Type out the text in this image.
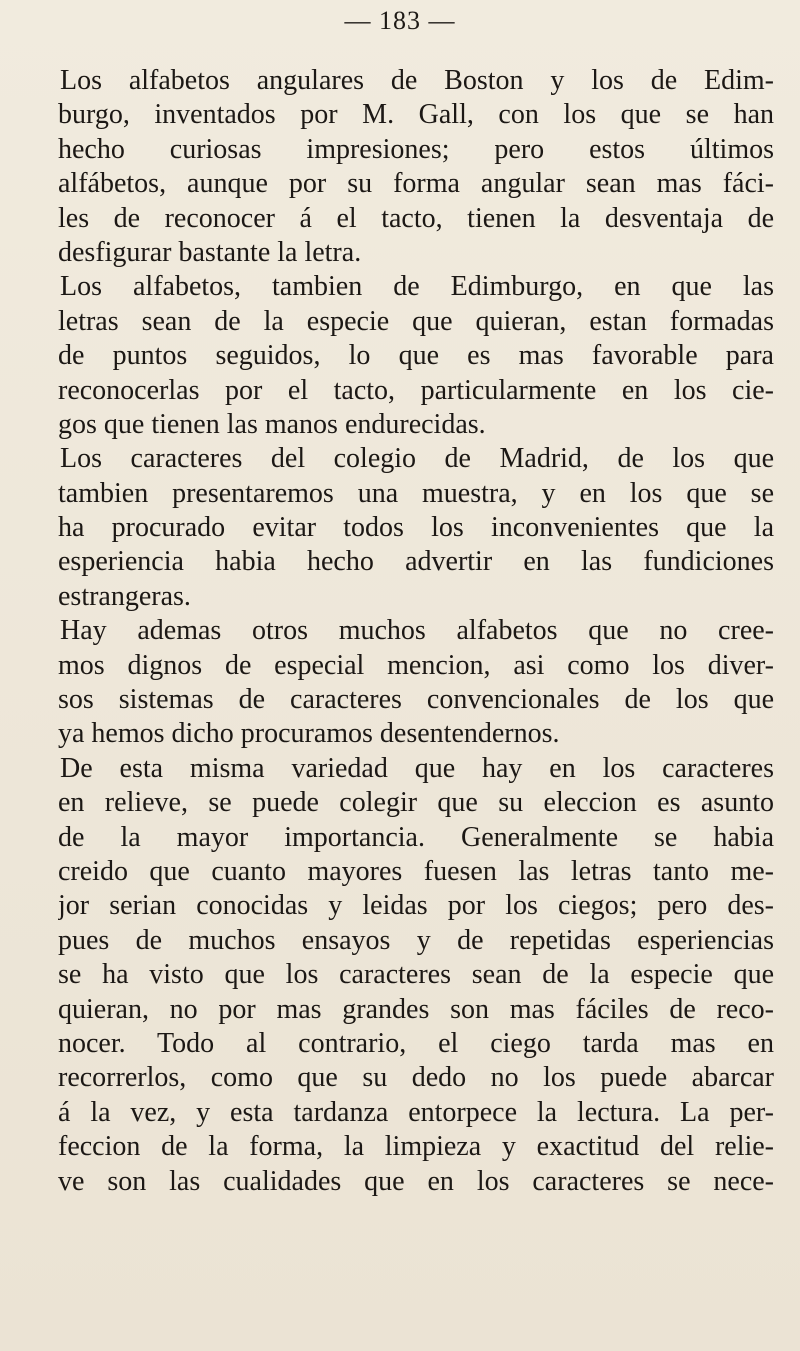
— 183 —
Los alfabetos angulares de Boston y los de Edim-
burgo, inventados por M. Gall, con los que se han
hecho curiosas impresiones; pero estos últimos
alfábetos, aunque por su forma angular sean mas fáci-
les de reconocer á el tacto, tienen la desventaja de
desfigurar bastante la letra.
Los alfabetos, tambien de Edimburgo, en que las
letras sean de la especie que quieran, estan formadas
de puntos seguidos, lo que es mas favorable para
reconocerlas por el tacto, particularmente en los cie-
gos que tienen las manos endurecidas.
Los caracteres del colegio de Madrid, de los que
tambien presentaremos una muestra, y en los que se
ha procurado evitar todos los inconvenientes que la
esperiencia habia hecho advertir en las fundiciones
estrangeras.
Hay ademas otros muchos alfabetos que no cree-
mos dignos de especial mencion, asi como los diver-
sos sistemas de caracteres convencionales de los que
ya hemos dicho procuramos desentendernos.
De esta misma variedad que hay en los caracteres
en relieve, se puede colegir que su eleccion es asunto
de la mayor importancia. Generalmente se habia
creido que cuanto mayores fuesen las letras tanto me-
jor serian conocidas y leidas por los ciegos; pero des-
pues de muchos ensayos y de repetidas esperiencias
se ha visto que los caracteres sean de la especie que
quieran, no por mas grandes son mas fáciles de reco-
nocer. Todo al contrario, el ciego tarda mas en
recorrerlos, como que su dedo no los puede abarcar
á la vez, y esta tardanza entorpece la lectura. La per-
feccion de la forma, la limpieza y exactitud del relie-
ve son las cualidades que en los caracteres se nece-
